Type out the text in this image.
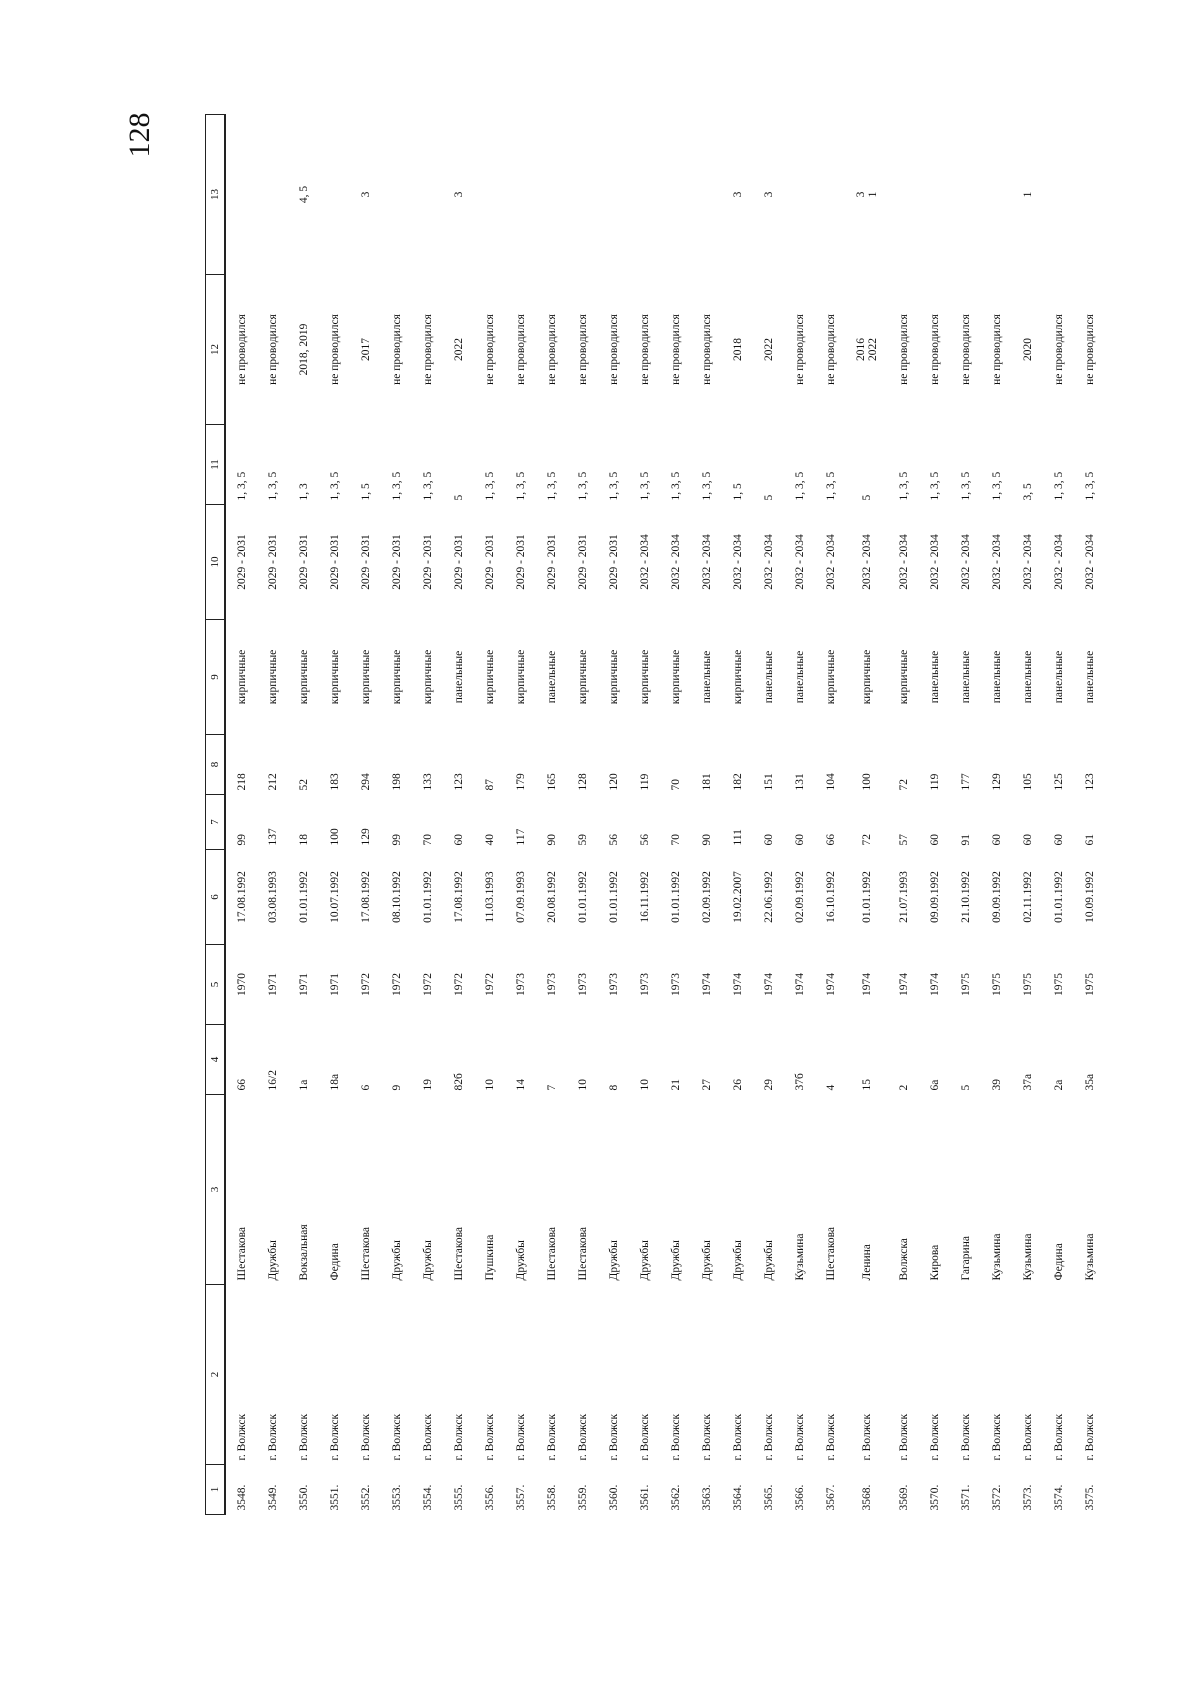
128
1	2	3	4	5	6	7	8	9	10	11	12	13
3548.	г. Волжск	Шестакова	66	1970	17.08.1992	99	218	кирпичные	2029 - 2031	1, 3, 5	не проводился	
3549.	г. Волжск	Дружбы	16/2	1971	03.08.1993	137	212	кирпичные	2029 - 2031	1, 3, 5	не проводился	
3550.	г. Волжск	Вокзальная	1а	1971	01.01.1992	18	52	кирпичные	2029 - 2031	1, 3	2018, 2019	4, 5
3551.	г. Волжск	Федина	18а	1971	10.07.1992	100	183	кирпичные	2029 - 2031	1, 3, 5	не проводился	
3552.	г. Волжск	Шестакова	6	1972	17.08.1992	129	294	кирпичные	2029 - 2031	1, 5	2017	3
3553.	г. Волжск	Дружбы	9	1972	08.10.1992	99	198	кирпичные	2029 - 2031	1, 3, 5	не проводился	
3554.	г. Волжск	Дружбы	19	1972	01.01.1992	70	133	кирпичные	2029 - 2031	1, 3, 5	не проводился	
3555.	г. Волжск	Шестакова	82б	1972	17.08.1992	60	123	панельные	2029 - 2031	5	2022	3
3556.	г. Волжск	Пушкина	10	1972	11.03.1993	40	87	кирпичные	2029 - 2031	1, 3, 5	не проводился	
3557.	г. Волжск	Дружбы	14	1973	07.09.1993	117	179	кирпичные	2029 - 2031	1, 3, 5	не проводился	
3558.	г. Волжск	Шестакова	7	1973	20.08.1992	90	165	панельные	2029 - 2031	1, 3, 5	не проводился	
3559.	г. Волжск	Шестакова	10	1973	01.01.1992	59	128	кирпичные	2029 - 2031	1, 3, 5	не проводился	
3560.	г. Волжск	Дружбы	8	1973	01.01.1992	56	120	кирпичные	2029 - 2031	1, 3, 5	не проводился	
3561.	г. Волжск	Дружбы	10	1973	16.11.1992	56	119	кирпичные	2032 - 2034	1, 3, 5	не проводился	
3562.	г. Волжск	Дружбы	21	1973	01.01.1992	70	70	кирпичные	2032 - 2034	1, 3, 5	не проводился	
3563.	г. Волжск	Дружбы	27	1974	02.09.1992	90	181	панельные	2032 - 2034	1, 3, 5	не проводился	
3564.	г. Волжск	Дружбы	26	1974	19.02.2007	111	182	кирпичные	2032 - 2034	1, 5	2018	3
3565.	г. Волжск	Дружбы	29	1974	22.06.1992	60	151	панельные	2032 - 2034	5	2022	3
3566.	г. Волжск	Кузьмина	37б	1974	02.09.1992	60	131	панельные	2032 - 2034	1, 3, 5	не проводился	
3567.	г. Волжск	Шестакова	4	1974	16.10.1992	66	104	кирпичные	2032 - 2034	1, 3, 5	не проводился	
3568.	г. Волжск	Ленина	15	1974	01.01.1992	72	100	кирпичные	2032 - 2034	5	2016 2022	3 1

3569.	г. Волжск	Волжска	2	1974	21.07.1993	57	72	кирпичные	2032 - 2034	1, 3, 5	не проводился	
3570.	г. Волжск	Кирова	6а	1974	09.09.1992	60	119	панельные	2032 - 2034	1, 3, 5	не проводился	
3571.	г. Волжск	Гагарина	5	1975	21.10.1992	91	177	панельные	2032 - 2034	1, 3, 5	не проводился	
3572.	г. Волжск	Кузьмина	39	1975	09.09.1992	60	129	панельные	2032 - 2034	1, 3, 5	не проводился	
3573.	г. Волжск	Кузьмина	37а	1975	02.11.1992	60	105	панельные	2032 - 2034	3, 5	2020	1
3574.	г. Волжск	Федина	2а	1975	01.01.1992	60	125	панельные	2032 - 2034	1, 3, 5	не проводился	
3575.	г. Волжск	Кузьмина	35а	1975	10.09.1992	61	123	панельные	2032 - 2034	1, 3, 5	не проводился	
